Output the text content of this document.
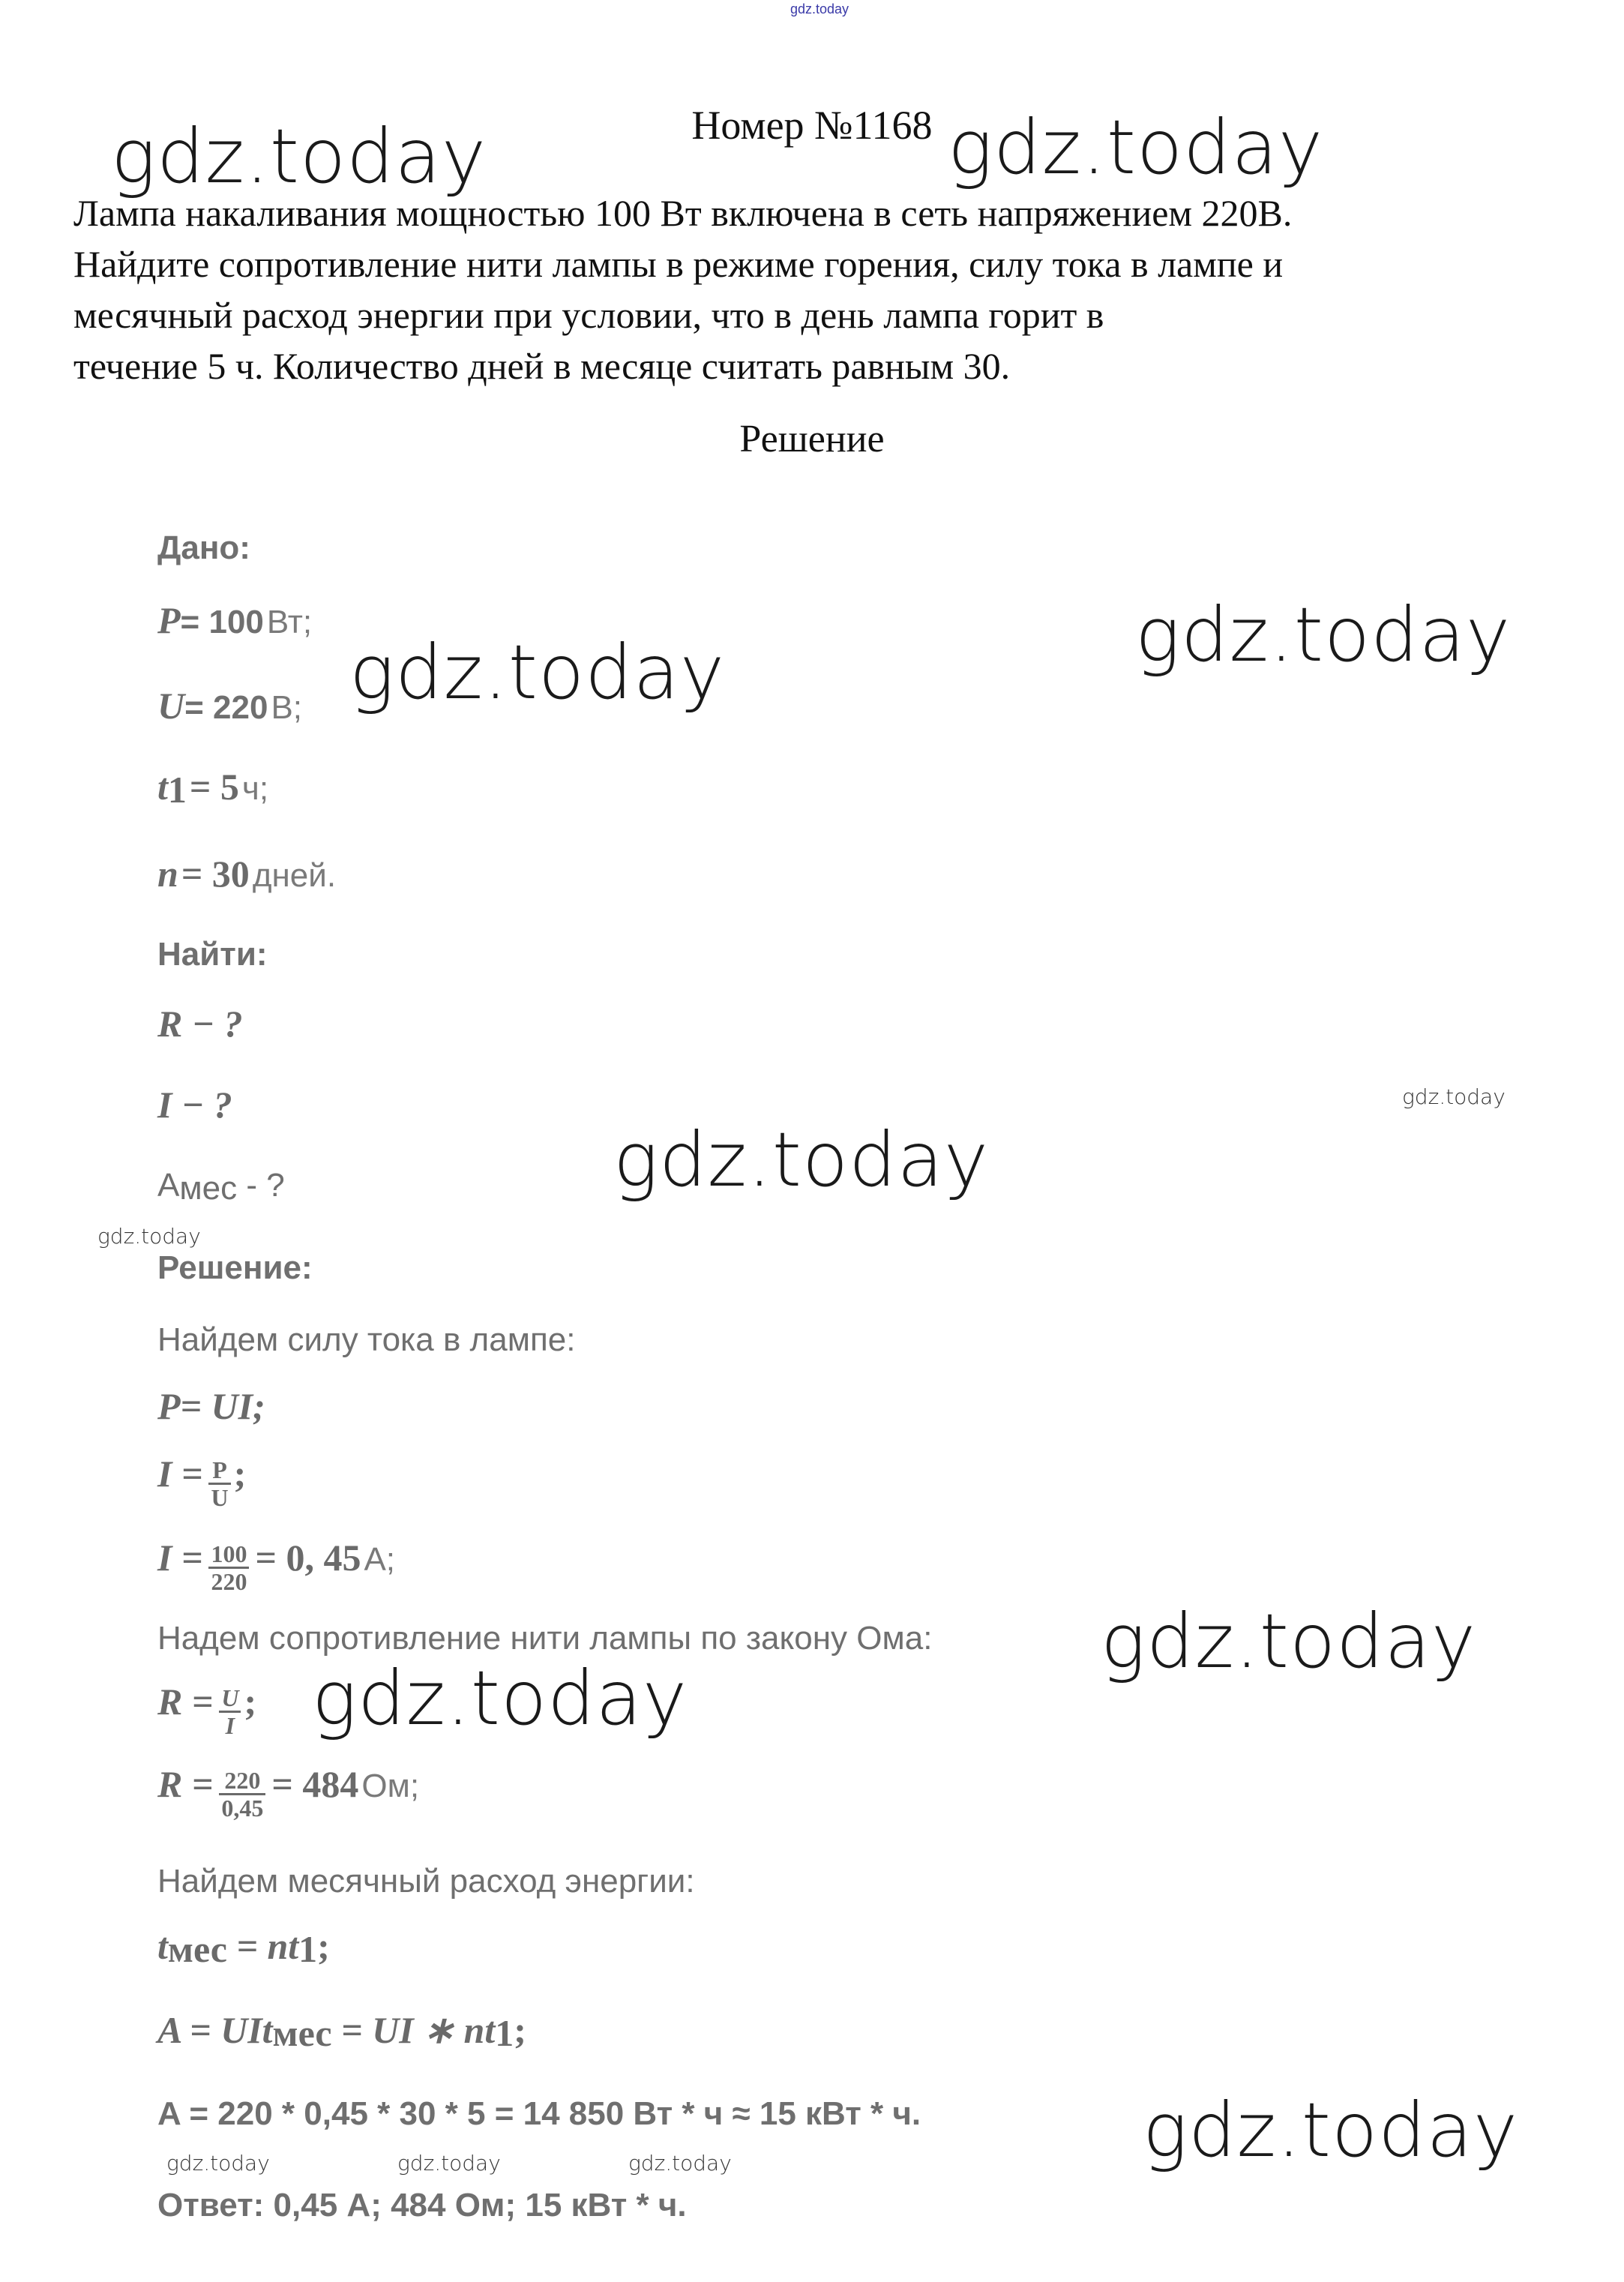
gdz.today
Номер №1168
Лампа накаливания мощностью 100 Вт включена в сеть напряжением 220В.
Найдите сопротивление нити лампы в режиме горения, силу тока в лампе и
месячный расход энергии при условии, что в день лампа горит в
течение 5 ч. Количество дней в месяце считать равным 30.
Решение
Дано:
P= 100 Вт;
U= 220 В;
$t_1 = 5$ ч;
n = 30 дней.
Найти:
R − ?
I − ?
$А_{мес}$ - ?
Решение:
Найдем силу тока в лампе:
P= UI;
$I = \frac{P}{U}$ ;
$I = \frac{100}{220} = 0$, 45 А;
Надем сопротивление нити лампы по закону Ома:
$R = \frac{U}{I}$ ;
$R = \frac{220}{0,45} = 484$ Ом;
Найдем месячный расход энергии:
$t_{мес} = nt_1$;
A = UIt$_{мес}$ = UI ∗ $nt_1$;
A = 220 * 0,45 * 30 * 5 = 14 850 Вт * ч ≈ 15 кВт * ч.
Ответ: 0,45 А; 484 Ом; 15 кВт * ч.
gdz.today	gdz.today
gdz.today
gdz.today
gdz.today
gdz.today
gdz.today
gdz.today
gdz.today
gdz.today
gdz.today	gdz.today	gdz.today
